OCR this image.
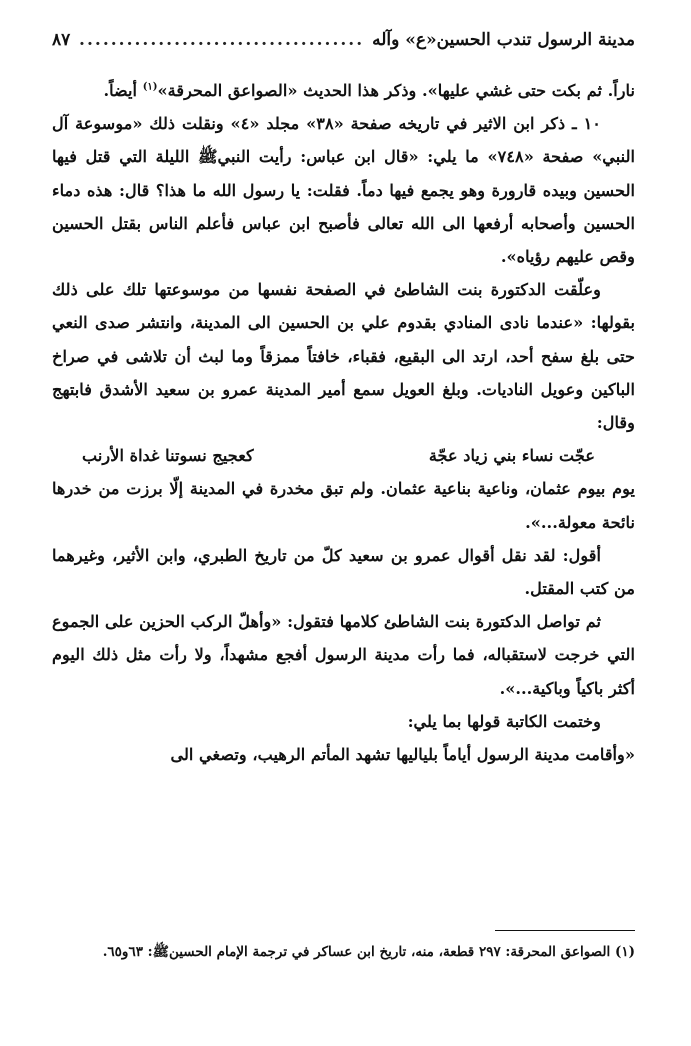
مدينة الرسول تندب الحسين«ع» وآله
.....
٨٧

ناراً. ثم بكت حتى غشي عليها». وذكر هذا الحديث «الصواعق المحرقة»$^{(١)}$ أيضاً.

١٠ ـ ذكر ابن الاثير في تاريخه صفحة «٣٨» مجلد «٤» ونقلت ذلك «موسوعة آل النبي» صفحة «٧٤٨» ما يلي: «قال ابن عباس: رأيت النبيﷺ الليلة التي قتل فيها الحسين وبيده قارورة وهو يجمع فيها دماً. فقلت: يا رسول الله ما هذا؟ قال: هذه دماء الحسين وأصحابه أرفعها الى الله تعالى فأصبح ابن عباس فأعلم الناس بقتل الحسين وقص عليهم رؤياه».

وعلّقت الدكتورة بنت الشاطئ في الصفحة نفسها من موسوعتها تلك على ذلك بقولها: «عندما نادى المنادي بقدوم علي بن الحسين الى المدينة، وانتشر صدى النعي حتى بلغ سفح أحد، ارتد الى البقيع، فقباء، خافتاً ممزقاً وما لبث أن تلاشى في صراخ الباكين وعويل الناديات. وبلغ العويل سمع أمير المدينة عمرو بن سعيد الأشدق فابتهج وقال:

عجّت نساء بني زياد عجّة
كعجيج نسوتنا غداة الأرنب

يوم بيوم عثمان، وناعية بناعية عثمان. ولم تبق مخدرة في المدينة إلّا برزت من خدرها نائحة معولة...».

أقول: لقد نقل أقوال عمرو بن سعيد كلّ من تاريخ الطبري، وابن الأثير، وغيرهما من كتب المقتل.

ثم تواصل الدكتورة بنت الشاطئ كلامها فتقول: «وأهلّ الركب الحزين على الجموع التي خرجت لاستقباله، فما رأت مدينة الرسول أفجع مشهداً، ولا رأت مثل ذلك اليوم أكثر باكياً وباكية...».

وختمت الكاتبة قولها بما يلي:

«وأقامت مدينة الرسول أياماً بلياليها تشهد المأتم الرهيب، وتصغي الى

(١) الصواعق المحرقة: ٢٩٧ قطعة، منه، تاريخ ابن عساكر في ترجمة الإمام الحسينﷺ: ٦٣و٦٥.
